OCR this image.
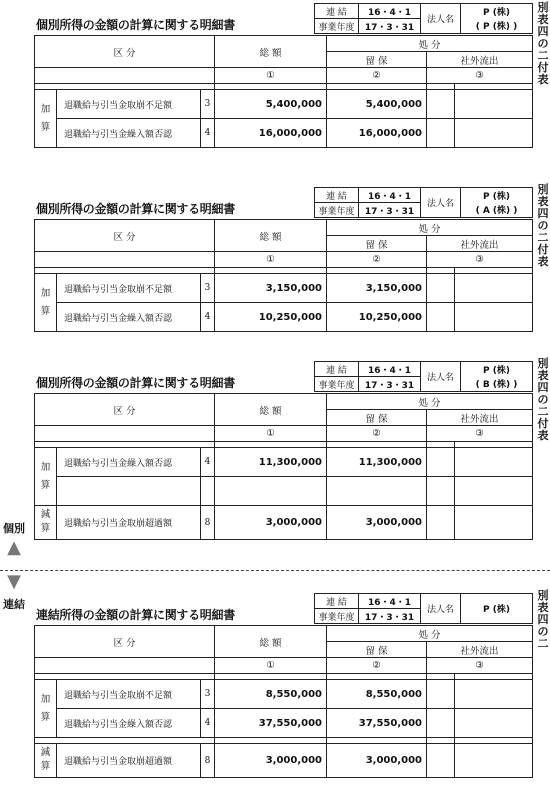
個別所得の金額の計算に関する明細書
別表四の二付表
連 結	16・4・1	法人名	P (株)
事業年度	17・3・31		( P (株) )
区 分			総 額	処 分		
				留 保	社外流出	
			①	②	③	

加
算	退職給与引当金取崩不足額	3	5,400,000	5,400,000		
	退職給与引当金繰入額否認	4	16,000,000	16,000,000		
個別所得の金額の計算に関する明細書
別表四の二付表
連 結	16・4・1	法人名	P (株)
事業年度	17・3・31		( A (株) )
区 分			総 額	処 分		
				留 保	社外流出	
			①	②	③	

加
算	退職給与引当金取崩不足額	3	3,150,000	3,150,000		
	退職給与引当金繰入額否認	4	10,250,000	10,250,000		
個別所得の金額の計算に関する明細書
別表四の二付表
連 結	16・4・1	法人名	P (株)
事業年度	17・3・31		( B (株) )
区 分			総 額	処 分		
				留 保	社外流出	
			①	②	③	

加
算	退職給与引当金繰入額否認	4	11,300,000	11,300,000		

減算	退職給与引当金取崩超過額	8	3,000,000	3,000,000		
個別
▲
▼
連結
連結所得の金額の計算に関する明細書
別表四の二
連 結	16・4・1	法人名	P (株)
事業年度	17・3・31		
区 分			総 額	処 分		
				留 保	社外流出	
			①	②	③	

加
算	退職給与引当金取崩不足額	3	8,550,000	8,550,000		
	退職給与引当金繰入額否認	4	37,550,000	37,550,000		

減算	退職給与引当金取崩超過額	8	3,000,000	3,000,000		
